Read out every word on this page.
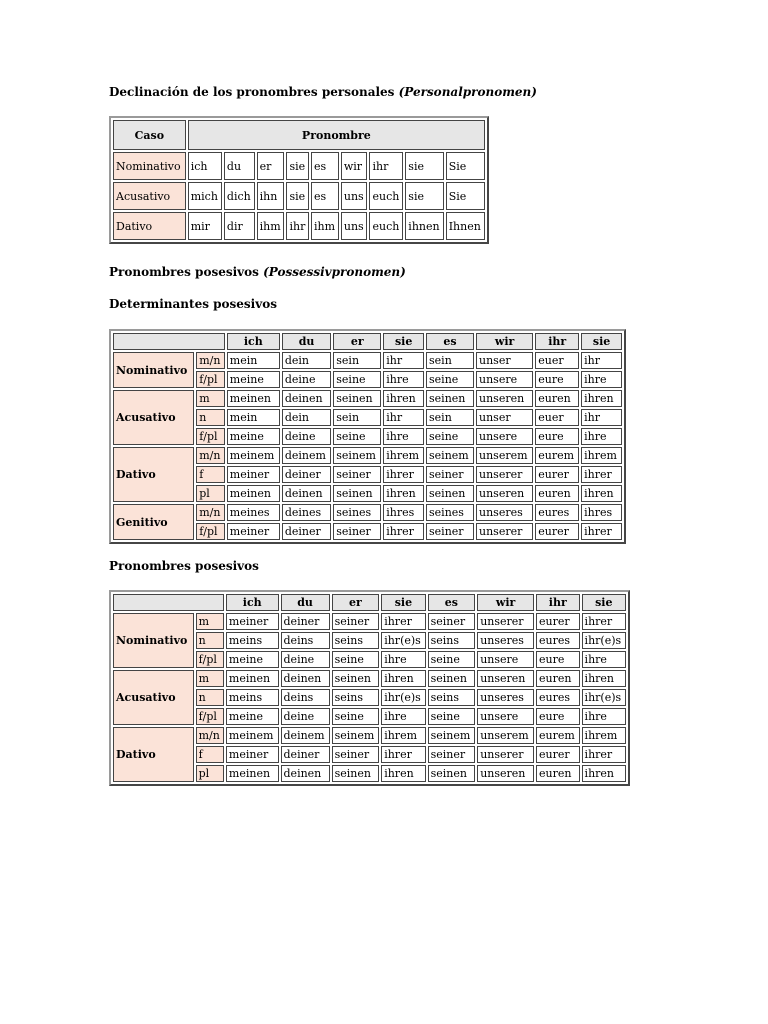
Declinación de los pronombres personales (Personalpronomen)
Caso	Pronombre								
Nominativo	ich	du	er	sie	es	wir	ihr	sie	Sie
Acusativo	mich	dich	ihn	sie	es	uns	euch	sie	Sie
Dativo	mir	dir	ihm	ihr	ihm	uns	euch	ihnen	Ihnen
Pronombres posesivos (Possessivpronomen)
Determinantes posesivos
		ich	du	er	sie	es	wir	ihr	sie
Nominativo	m/n	mein	dein	sein	ihr	sein	unser	euer	ihr
	f/pl	meine	deine	seine	ihre	seine	unsere	eure	ihre
Acusativo	m	meinen	deinen	seinen	ihren	seinen	unseren	euren	ihren
	n	mein	dein	sein	ihr	sein	unser	euer	ihr
	f/pl	meine	deine	seine	ihre	seine	unsere	eure	ihre
Dativo	m/n	meinem	deinem	seinem	ihrem	seinem	unserem	eurem	ihrem
	f	meiner	deiner	seiner	ihrer	seiner	unserer	eurer	ihrer
	pl	meinen	deinen	seinen	ihren	seinen	unseren	euren	ihren
Genitivo	m/n	meines	deines	seines	ihres	seines	unseres	eures	ihres
	f/pl	meiner	deiner	seiner	ihrer	seiner	unserer	eurer	ihrer
Pronombres posesivos
		ich	du	er	sie	es	wir	ihr	sie
Nominativo	m	meiner	deiner	seiner	ihrer	seiner	unserer	eurer	ihrer
	n	meins	deins	seins	ihr(e)s	seins	unseres	eures	ihr(e)s
	f/pl	meine	deine	seine	ihre	seine	unsere	eure	ihre
Acusativo	m	meinen	deinen	seinen	ihren	seinen	unseren	euren	ihren
	n	meins	deins	seins	ihr(e)s	seins	unseres	eures	ihr(e)s
	f/pl	meine	deine	seine	ihre	seine	unsere	eure	ihre
Dativo	m/n	meinem	deinem	seinem	ihrem	seinem	unserem	eurem	ihrem
	f	meiner	deiner	seiner	ihrer	seiner	unserer	eurer	ihrer
	pl	meinen	deinen	seinen	ihren	seinen	unseren	euren	ihren
